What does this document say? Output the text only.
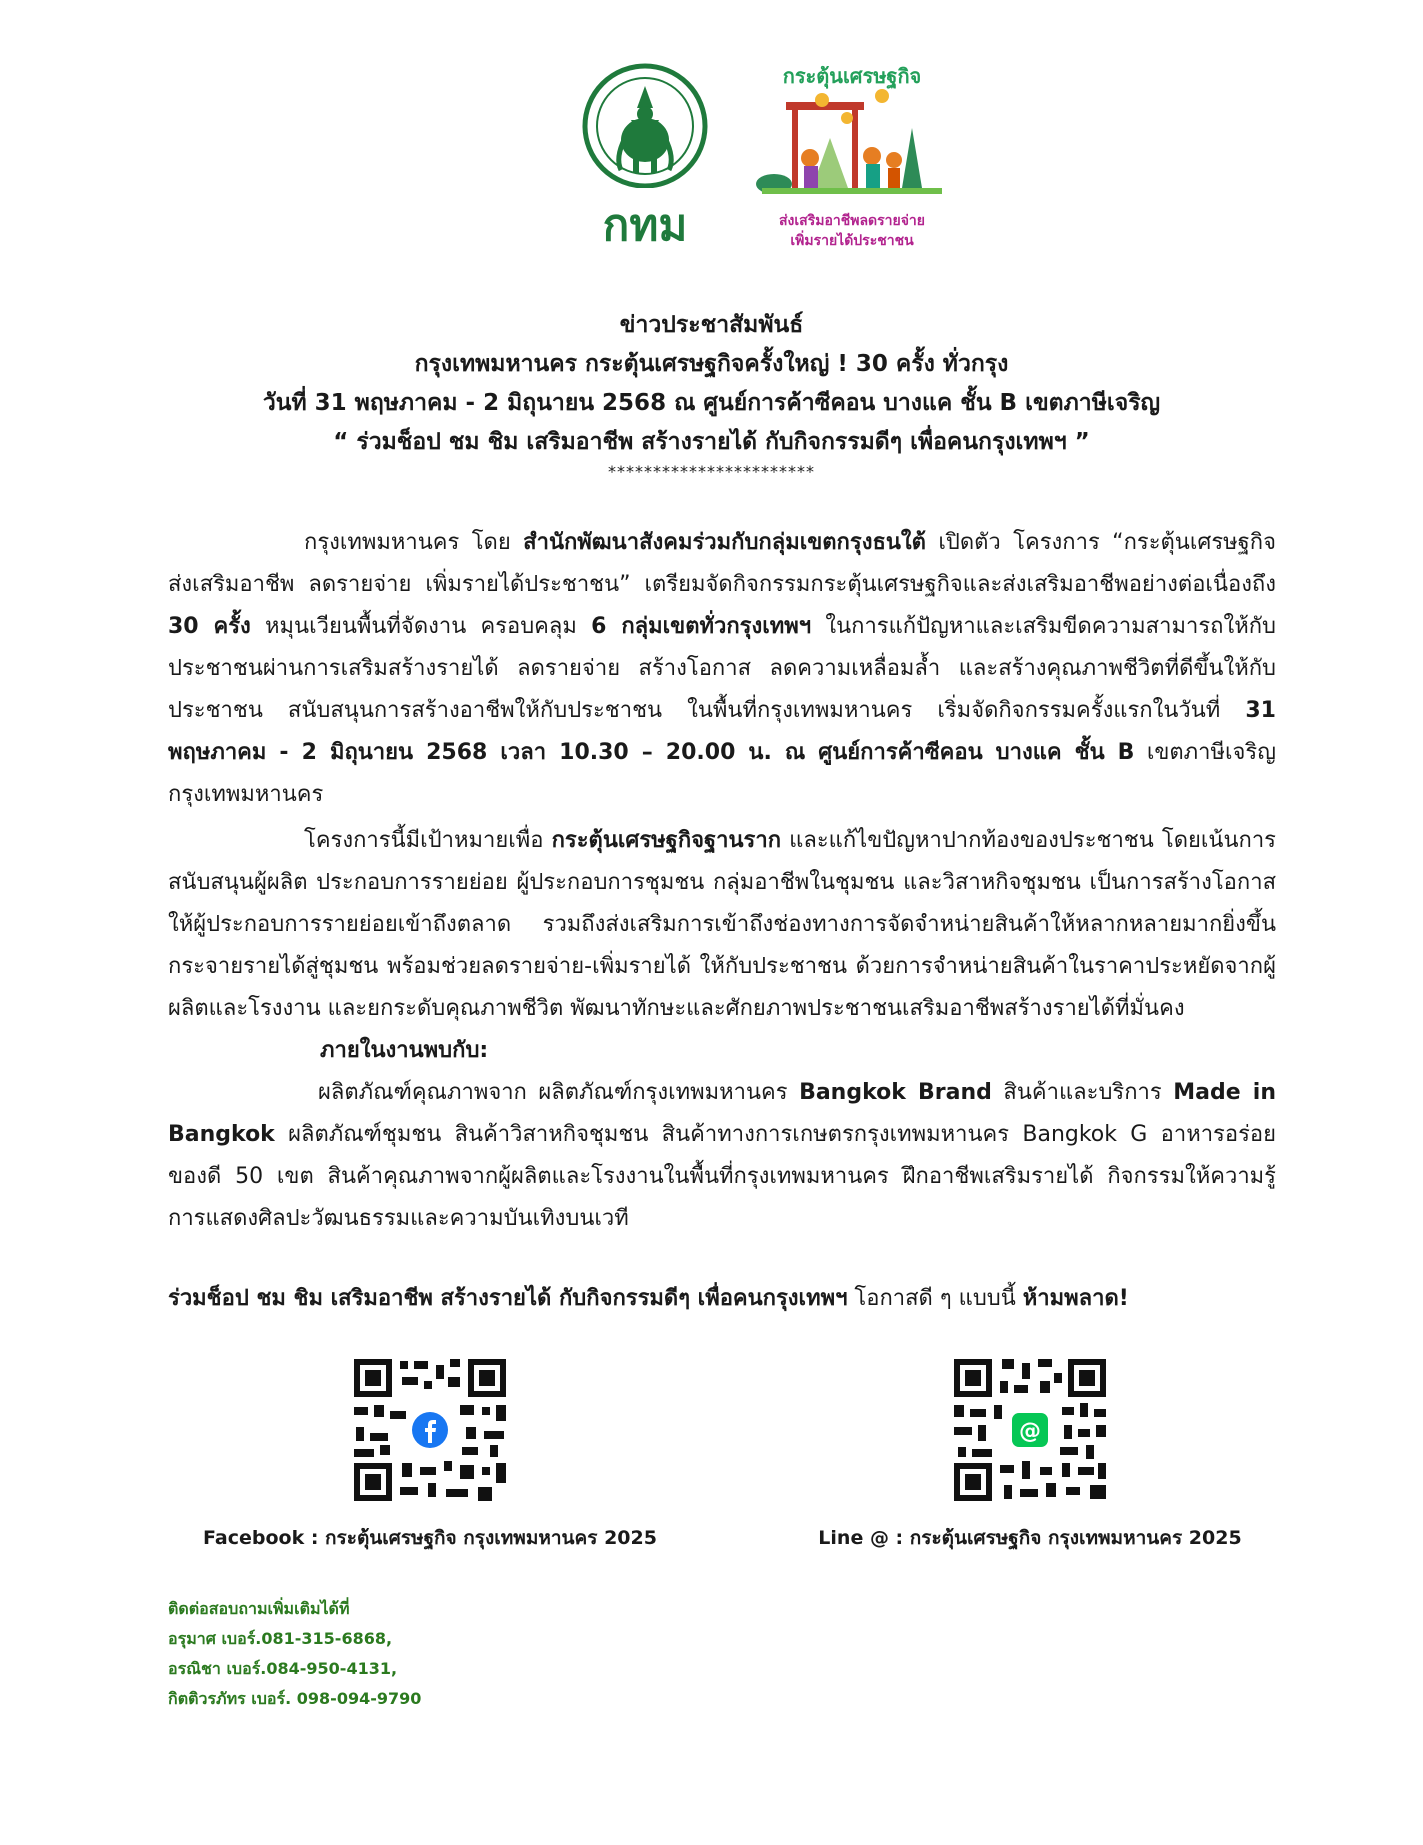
กทม
กระตุ้นเศรษฐกิจ
ส่งเสริมอาชีพลดรายจ่าย
เพิ่มรายได้ประชาชน
ข่าวประชาสัมพันธ์
กรุงเทพมหานคร กระตุ้นเศรษฐกิจครั้งใหญ่ ! 30 ครั้ง ทั่วกรุง
วันที่ 31 พฤษภาคม - 2 มิถุนายน 2568 ณ ศูนย์การค้าซีคอน บางแค ชั้น B เขตภาษีเจริญ
“ ร่วมช็อป ชม ชิม เสริมอาชีพ สร้างรายได้ กับกิจกรรมดีๆ เพื่อคนกรุงเทพฯ ”
***********************

กรุงเทพมหานคร โดย สำนักพัฒนาสังคมร่วมกับกลุ่มเขตกรุงธนใต้ เปิดตัว โครงการ “กระตุ้นเศรษฐกิจ ส่งเสริมอาชีพ ลดรายจ่าย เพิ่มรายได้ประชาชน” เตรียมจัดกิจกรรมกระตุ้นเศรษฐกิจและส่งเสริมอาชีพอย่างต่อเนื่องถึง 30 ครั้ง หมุนเวียนพื้นที่จัดงาน ครอบคลุม 6 กลุ่มเขตทั่วกรุงเทพฯ ในการแก้ปัญหาและเสริมขีดความสามารถให้กับประชาชนผ่านการเสริมสร้างรายได้ ลดรายจ่าย สร้างโอกาส ลดความเหลื่อมล้ำ และสร้างคุณภาพชีวิตที่ดีขึ้นให้กับประชาชน สนับสนุนการสร้างอาชีพให้กับประชาชน ในพื้นที่กรุงเทพมหานคร เริ่มจัดกิจกรรมครั้งแรกในวันที่ 31 พฤษภาคม - 2 มิถุนายน 2568 เวลา 10.30 – 20.00 น. ณ ศูนย์การค้าซีคอน บางแค ชั้น B เขตภาษีเจริญ กรุงเทพมหานคร

โครงการนี้มีเป้าหมายเพื่อ กระตุ้นเศรษฐกิจฐานราก และแก้ไขปัญหาปากท้องของประชาชน โดยเน้นการสนับสนุนผู้ผลิต ประกอบการรายย่อย ผู้ประกอบการชุมชน กลุ่มอาชีพในชุมชน และวิสาหกิจชุมชน เป็นการสร้างโอกาสให้ผู้ประกอบการรายย่อยเข้าถึงตลาด รวมถึงส่งเสริมการเข้าถึงช่องทางการจัดจำหน่ายสินค้าให้หลากหลายมากยิ่งขึ้น กระจายรายได้สู่ชุมชน พร้อมช่วยลดรายจ่าย-เพิ่มรายได้ ให้กับประชาชน ด้วยการจำหน่ายสินค้าในราคาประหยัดจากผู้ผลิตและโรงงาน และยกระดับคุณภาพชีวิต พัฒนาทักษะและศักยภาพประชาชนเสริมอาชีพสร้างรายได้ที่มั่นคง

ภายในงานพบกับ:

ผลิตภัณฑ์คุณภาพจาก ผลิตภัณฑ์กรุงเทพมหานคร Bangkok Brand สินค้าและบริการ Made in Bangkok ผลิตภัณฑ์ชุมชน สินค้าวิสาหกิจชุมชน สินค้าทางการเกษตรกรุงเทพมหานคร Bangkok G อาหารอร่อยของดี 50 เขต สินค้าคุณภาพจากผู้ผลิตและโรงงานในพื้นที่กรุงเทพมหานคร ฝึกอาชีพเสริมรายได้ กิจกรรมให้ความรู้ การแสดงศิลปะวัฒนธรรมและความบันเทิงบนเวที

ร่วมช็อป ชม ชิม เสริมอาชีพ สร้างรายได้ กับกิจกรรมดีๆ เพื่อคนกรุงเทพฯ โอกาสดี ๆ แบบนี้ ห้ามพลาด!

Facebook : กระตุ้นเศรษฐกิจ กรุงเทพมหานคร 2025
@
Line @ : กระตุ้นเศรษฐกิจ กรุงเทพมหานคร 2025
ติดต่อสอบถามเพิ่มเติมได้ที่
อรุมาศ เบอร์.081-315-6868,
อรณิชา เบอร์.084-950-4131,
กิตติวรภัทร เบอร์. 098-094-9790
